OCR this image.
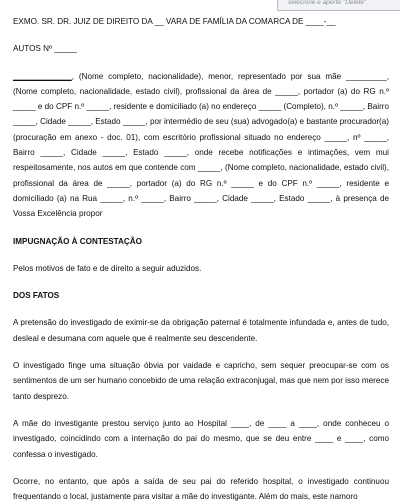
selecione e aperte "Delete"

EXMO. SR. DR. JUIZ DE DIREITO DA __ VARA DE FAMÍLIA DA COMARCA DE ____-__

AUTOS Nº _____

_____________, (Nome completo, nacionalidade), menor, representado por sua mãe _________, (Nome completo, nacionalidade, estado civil), profissional da área de _____, portador (a) do RG n.º _____ e do CPF n.º _____, residente e domiciliado (a) no endereço _____ (Completo), n.º _____, Bairro _____, Cidade _____, Estado _____, por intermédio de seu (sua) advogado(a) e bastante procurador(a) (procuração em anexo - doc. 01), com escritório profissional situado no endereço _____, nº _____, Bairro _____, Cidade _____, Estado _____, onde recebe notificações e intimações, vem mui respeitosamente, nos autos em que contende com _____, (Nome completo, nacionalidade, estado civil), profissional da área de _____, portador (a) do RG n.º _____ e do CPF n.º _____, residente e domiciliado (a) na Rua _____, n.º _____, Bairro _____, Cidade _____, Estado _____, à presença de Vossa Excelência propor

IMPUGNAÇÃO À CONTESTAÇÃO

Pelos motivos de fato e de direito a seguir aduzidos.

DOS FATOS

A pretensão do investigado de eximir-se da obrigação paternal é totalmente infundada e, antes de tudo, desleal e desumana com aquele que é realmente seu descendente.

O investigado finge uma situação óbvia por vaidade e capricho, sem sequer preocupar-se com os sentimentos de um ser humano concebido de uma relação extraconjugal, mas que nem por isso merece tanto desprezo.

A mãe do investigante prestou serviço junto ao Hospital ____, de ____ a ____, onde conheceu o investigado, coincidindo com a internação do pai do mesmo, que se deu entre ____ e ____, como confessa o investigado.

Ocorre, no entanto, que após a saída de seu pai do referido hospital, o investigado continuou frequentando o local, justamente para visitar a mãe do investigante. Além do mais, este namoro
